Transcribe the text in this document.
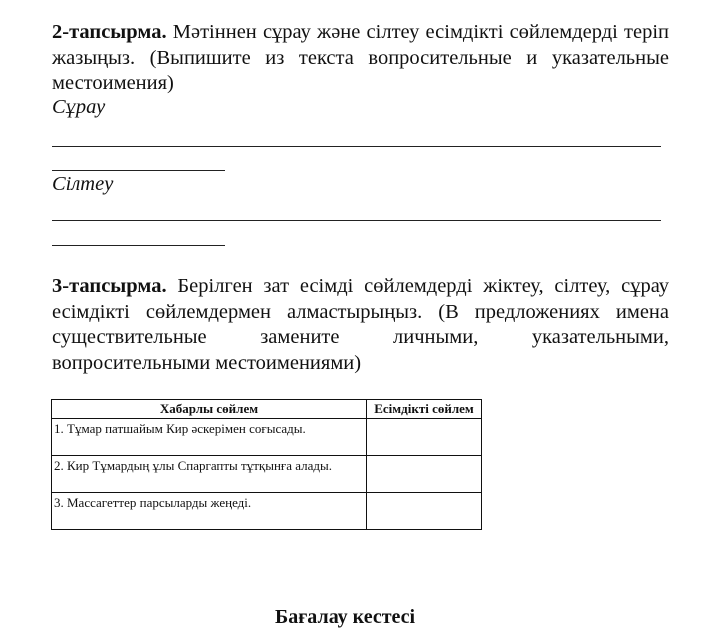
2-тапсырма. Мәтіннен сұрау және сілтеу есімдікті сөйлемдерді теріп жазыңыз. (Выпишите из текста вопросительные и указательные местоимения)

Сұрау
Сілтеу

3-тапсырма. Берілген зат есімді сөйлемдерді жіктеу, сілтеу, сұрау есімдікті сөйлемдермен алмастырыңыз. (В предложениях имена существительные замените личными, указательными, вопросительными местоимениями)

Хабарлы сөйлем	Есімдікті сөйлем
1. Тұмар патшайым Кир әскерімен соғысады.	
2. Кир Тұмардың ұлы Спаргапты тұтқынға алады.	
3. Массагеттер парсыларды жеңеді.	
Бағалау кестесі
